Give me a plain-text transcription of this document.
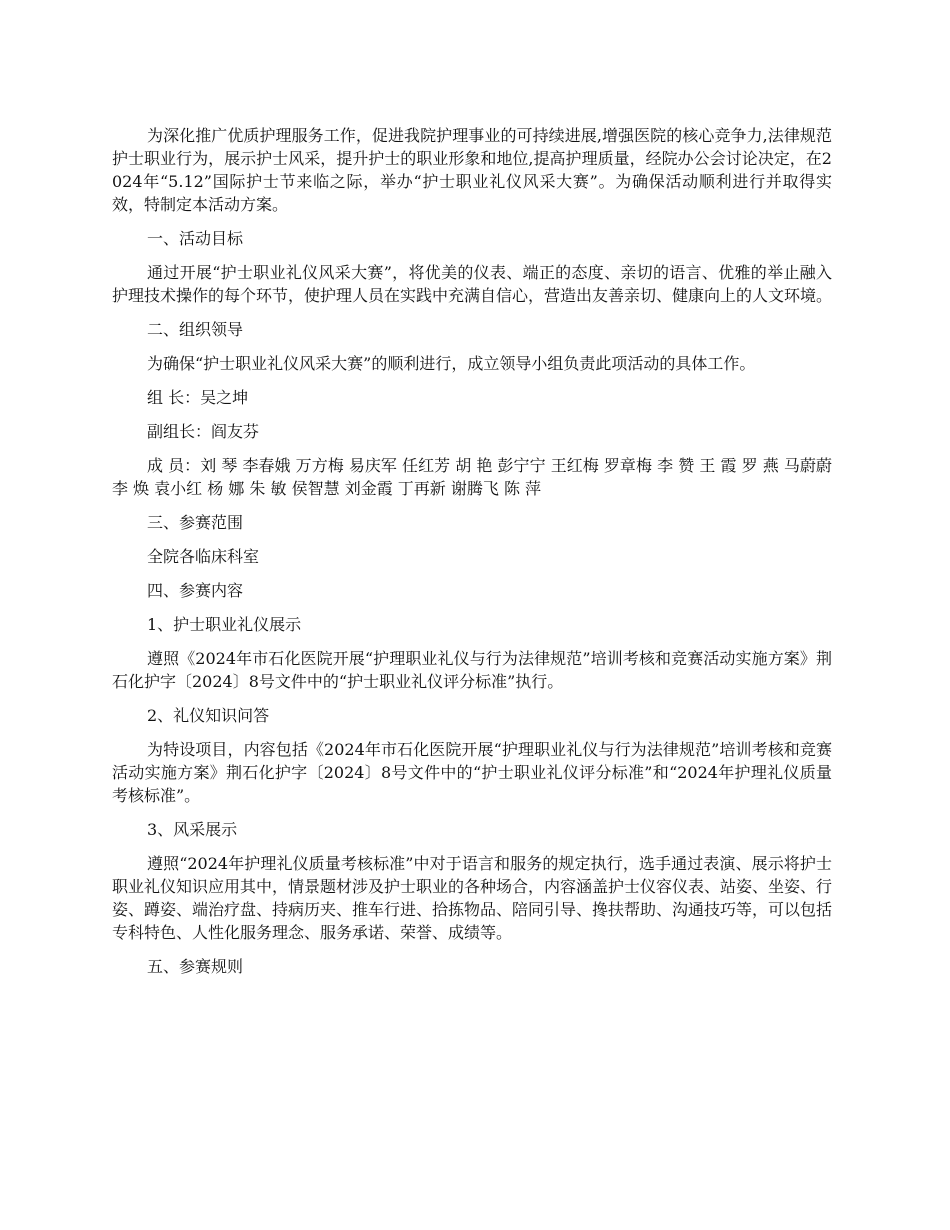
为深化推广优质护理服务工作，促进我院护理事业的可持续进展,增强医院的核心竞争力,法律规范护士职业行为，展示护士风采，提升护士的职业形象和地位,提高护理质量，经院办公会讨论决定，在2024年“5.12”国际护士节来临之际，举办“护士职业礼仪风采大赛”。为确保活动顺利进行并取得实效，特制定本活动方案。

一、活动目标

通过开展“护士职业礼仪风采大赛”，将优美的仪表、端正的态度、亲切的语言、优雅的举止融入护理技术操作的每个环节，使护理人员在实践中充满自信心，营造出友善亲切、健康向上的人文环境。

二、组织领导

为确保“护士职业礼仪风采大赛”的顺利进行，成立领导小组负责此项活动的具体工作。

组 长：吴之坤

副组长：阎友芬

成 员：刘 琴 李春娥 万方梅 易庆军 任红芳 胡 艳 彭宁宁 王红梅 罗章梅 李 赞 王 霞 罗 燕 马蔚蔚 李 焕 袁小红 杨 娜 朱 敏 侯智慧 刘金霞 丁再新 谢腾飞 陈 萍

三、参赛范围

全院各临床科室

四、参赛内容

1、护士职业礼仪展示

遵照《2024年市石化医院开展“护理职业礼仪与行为法律规范”培训考核和竞赛活动实施方案》荆石化护字〔2024〕8号文件中的“护士职业礼仪评分标准”执行。

2、礼仪知识问答

为特设项目，内容包括《2024年市石化医院开展“护理职业礼仪与行为法律规范”培训考核和竞赛活动实施方案》荆石化护字〔2024〕8号文件中的“护士职业礼仪评分标准”和“2024年护理礼仪质量考核标准”。

3、风采展示

遵照“2024年护理礼仪质量考核标准”中对于语言和服务的规定执行，选手通过表演、展示将护士职业礼仪知识应用其中，情景题材涉及护士职业的各种场合，内容涵盖护士仪容仪表、站姿、坐姿、行姿、蹲姿、端治疗盘、持病历夹、推车行进、拾拣物品、陪同引导、搀扶帮助、沟通技巧等，可以包括专科特色、人性化服务理念、服务承诺、荣誉、成绩等。

五、参赛规则
